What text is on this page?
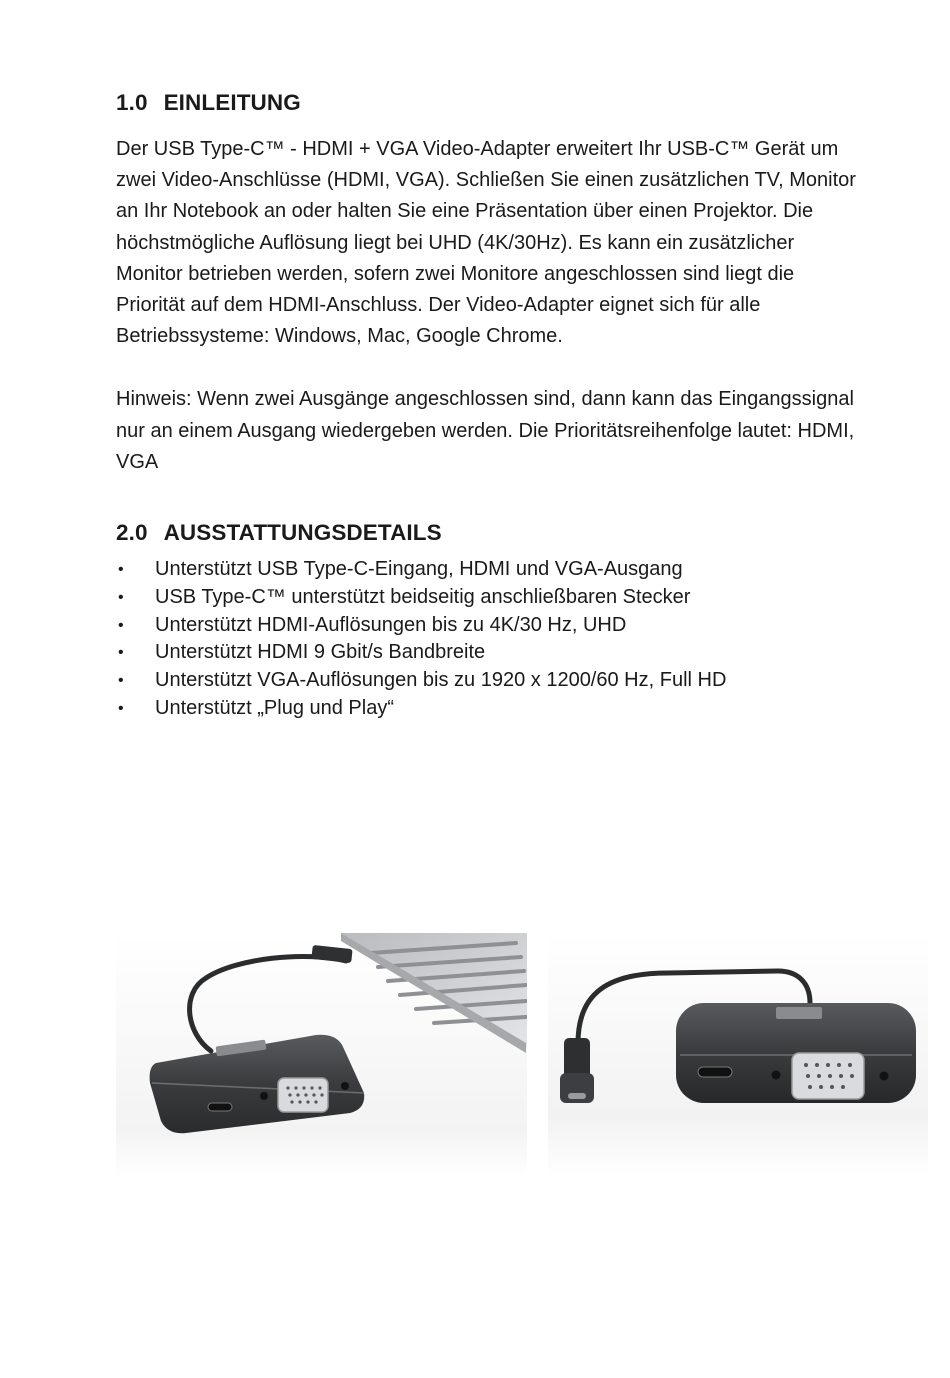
1.0 EINLEITUNG

Der USB Type-C™ - HDMI + VGA Video-Adapter erweitert Ihr USB-C™ Gerät um zwei Video-Anschlüsse (HDMI, VGA). Schließen Sie einen zusätzlichen TV, Monitor an Ihr Notebook an oder halten Sie eine Präsentation über einen Projektor. Die höchstmögliche Auflösung liegt bei UHD (4K/30Hz). Es kann ein zusätzlicher Monitor betrieben werden, sofern zwei Monitore angeschlossen sind liegt die Priorität auf dem HDMI-Anschluss. Der Video-Adapter eignet sich für alle Betriebssysteme: Windows, Mac, Google Chrome.

Hinweis: Wenn zwei Ausgänge angeschlossen sind, dann kann das Eingangssignal nur an einem Ausgang wiedergeben werden. Die Prioritätsreihenfolge lautet: HDMI, VGA

2.0 AUSSTATTUNGSDETAILS
• Unterstützt USB Type-C-Eingang, HDMI und VGA-Ausgang
• USB Type-C™ unterstützt beidseitig anschließbaren Stecker
• Unterstützt HDMI-Auflösungen bis zu 4K/30 Hz, UHD
• Unterstützt HDMI 9 Gbit/s Bandbreite
• Unterstützt VGA-Auflösungen bis zu 1920 x 1200/60 Hz, Full HD
• Unterstützt „Plug und Play“
